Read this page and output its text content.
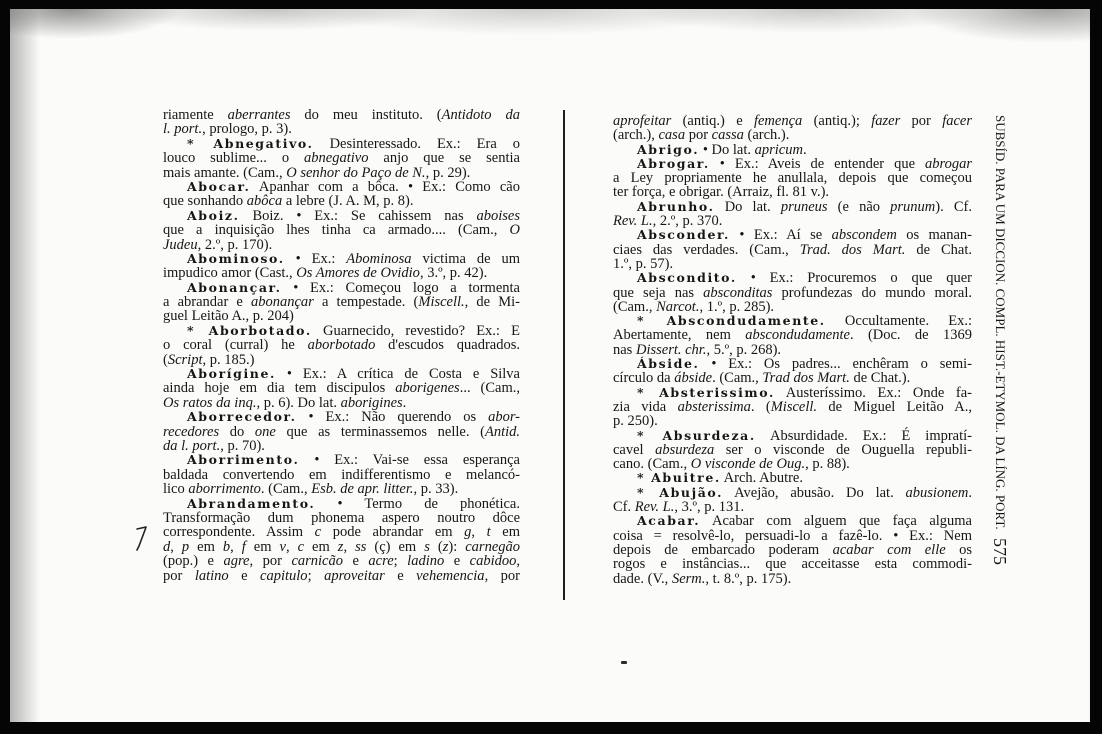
riamente aberrantes do meu instituto. (Antidoto da
l. port., prologo, p. 3).
* Abnegativo. Desinteressado. Ex.: Era o
louco sublime... o abnegativo anjo que se sentia
mais amante. (Cam., O senhor do Paço de N., p. 29).
Abocar. Apanhar com a bôca. • Ex.: Como cão
que sonhando abôca a lebre (J. A. M, p. 8).
Aboiz. Boiz. • Ex.: Se cahissem nas aboises
que a inquisição lhes tinha ca armado.... (Cam., O
Judeu, 2.º, p. 170).
Abominoso. • Ex.: Abominosa victima de um
impudico amor (Cast., Os Amores de Ovidio, 3.º, p. 42).
Abonançar. • Ex.: Começou logo a tormenta
a abrandar e abonançar a tempestade. (Miscell., de Mi-
guel Leitão A., p. 204)
* Aborbotado. Guarnecido, revestido? Ex.: E
o coral (curral) he aborbotado d'escudos quadrados.
(Script, p. 185.)
Aborígine. • Ex.: A crítica de Costa e Silva
ainda hoje em dia tem discipulos aborigenes... (Cam.,
Os ratos da inq., p. 6). Do lat. aborigines.
Aborrecedor. • Ex.: Não querendo os abor-
recedores do one que as terminassemos nelle. (Antid.
da l. port., p. 70).
Aborrimento. • Ex.: Vai-se essa esperança
baldada convertendo em indifferentismo e melancó-
lico aborrimento. (Cam., Esb. de apr. litter., p. 33).
Abrandamento. • Termo de phonética.
Transformação dum phonema aspero noutro dôce
correspondente. Assim c pode abrandar em g, t em
d, p em b, f em v, c em z, ss (ç) em s (z): carnegão
(pop.) e agre, por carnicão e acre; ladino e cabidoo,
por latino e capitulo; aproveitar e vehemencia, por
aprofeitar (antiq.) e femença (antiq.); fazer por facer
(arch.), casa por cassa (arch.).
Abrigo. • Do lat. apricum.
Abrogar. • Ex.: Aveis de entender que abrogar
a Ley propriamente he anullala, depois que começou
ter força, e obrigar. (Arraiz, fl. 81 v.).
Abrunho. Do lat. pruneus (e não prunum). Cf.
Rev. L., 2.º, p. 370.
Absconder. • Ex.: Aí se abscondem os manan-
ciaes das verdades. (Cam., Trad. dos Mart. de Chat.
1.º, p. 57).
Abscondito. • Ex.: Procuremos o que quer
que seja nas absconditas profundezas do mundo moral.
(Cam., Narcot., 1.º, p. 285).
* Abscondudamente. Occultamente. Ex.:
Abertamente, nem abscondudamente. (Doc. de 1369
nas Dissert. chr., 5.º, p. 268).
Ábside. • Ex.: Os padres... enchêram o semi-
círculo da ábside. (Cam., Trad dos Mart. de Chat.).
* Absterissimo. Austeríssimo. Ex.: Onde fa-
zia vida absterissima. (Miscell. de Miguel Leitão A.,
p. 250).
* Absurdeza. Absurdidade. Ex.: É impratí-
cavel absurdeza ser o visconde de Ouguella republi-
cano. (Cam., O visconde de Oug., p. 88).
* Abuitre. Arch. Abutre.
* Abujão. Avejão, abusão. Do lat. abusionem.
Cf. Rev. L., 3.º, p. 131.
Acabar. Acabar com alguem que faça alguma
coisa = resolvê-lo, persuadi-lo a fazê-lo. • Ex.: Nem
depois de embarcado poderam acabar com elle os
rogos e instâncias... que acceitasse esta commodi-
dade. (V., Serm., t. 8.º, p. 175).
SUBSÍD. PARA UM DICCION. COMPL. HIST.-ETYMOL. DA LÍNG. PORT.
575
